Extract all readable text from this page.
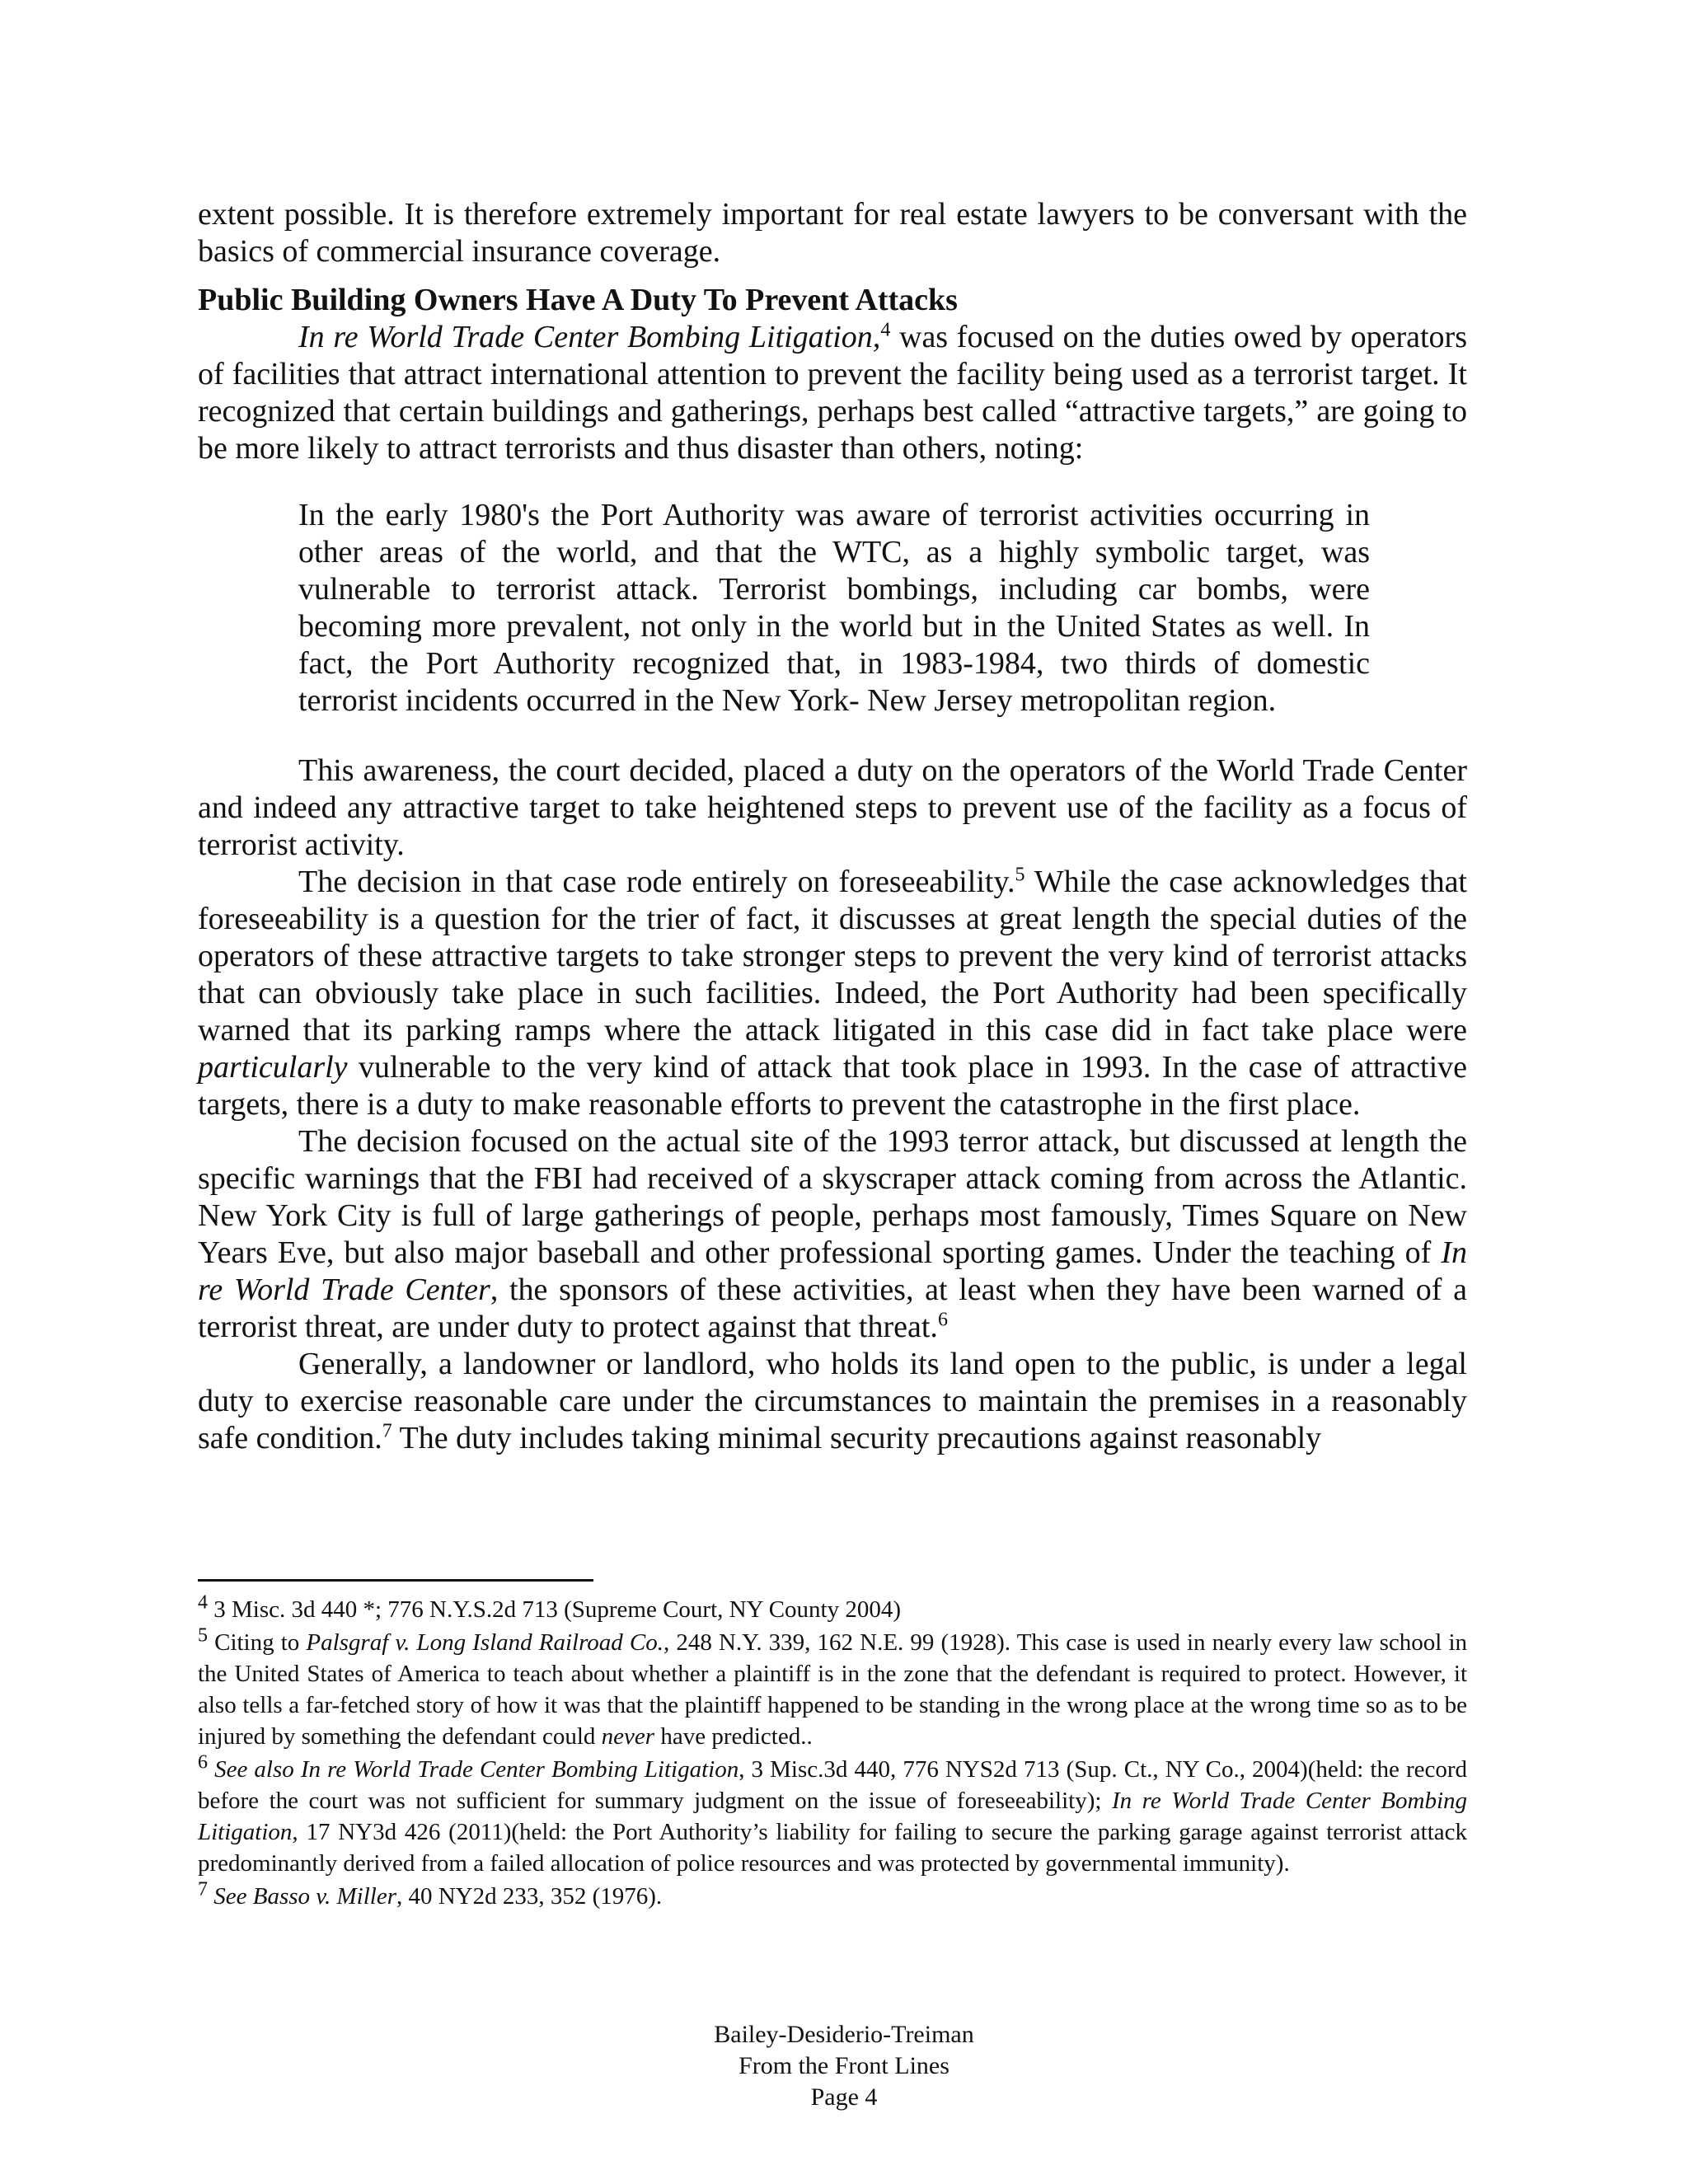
extent possible. It is therefore extremely important for real estate lawyers to be conversant with the basics of commercial insurance coverage.

Public Building Owners Have A Duty To Prevent Attacks

In re World Trade Center Bombing Litigation,$^4$ was focused on the duties owed by operators of facilities that attract international attention to prevent the facility being used as a terrorist target. It recognized that certain buildings and gatherings, perhaps best called “attractive targets,” are going to be more likely to attract terrorists and thus disaster than others, noting:

In the early 1980's the Port Authority was aware of terrorist activities occurring in other areas of the world, and that the WTC, as a highly symbolic target, was vulnerable to terrorist attack. Terrorist bombings, including car bombs, were becoming more prevalent, not only in the world but in the United States as well. In fact, the Port Authority recognized that, in 1983-1984, two thirds of domestic terrorist incidents occurred in the New York- New Jersey metropolitan region.

This awareness, the court decided, placed a duty on the operators of the World Trade Center and indeed any attractive target to take heightened steps to prevent use of the facility as a focus of terrorist activity.

The decision in that case rode entirely on foreseeability.$^5$ While the case acknowledges that foreseeability is a question for the trier of fact, it discusses at great length the special duties of the operators of these attractive targets to take stronger steps to prevent the very kind of terrorist attacks that can obviously take place in such facilities. Indeed, the Port Authority had been specifically warned that its parking ramps where the attack litigated in this case did in fact take place were particularly vulnerable to the very kind of attack that took place in 1993. In the case of attractive targets, there is a duty to make reasonable efforts to prevent the catastrophe in the first place.

The decision focused on the actual site of the 1993 terror attack, but discussed at length the specific warnings that the FBI had received of a skyscraper attack coming from across the Atlantic. New York City is full of large gatherings of people, perhaps most famously, Times Square on New Years Eve, but also major baseball and other professional sporting games. Under the teaching of In re World Trade Center, the sponsors of these activities, at least when they have been warned of a terrorist threat, are under duty to protect against that threat.$^6$

Generally, a landowner or landlord, who holds its land open to the public, is under a legal duty to exercise reasonable care under the circumstances to maintain the premises in a reasonably safe condition.$^7$ The duty includes taking minimal security precautions against reasonably

$^4$ 3 Misc. 3d 440 *; 776 N.Y.S.2d 713 (Supreme Court, NY County 2004)

$^5$ Citing to Palsgraf v. Long Island Railroad Co., 248 N.Y. 339, 162 N.E. 99 (1928). This case is used in nearly every law school in the United States of America to teach about whether a plaintiff is in the zone that the defendant is required to protect. However, it also tells a far-fetched story of how it was that the plaintiff happened to be standing in the wrong place at the wrong time so as to be injured by something the defendant could never have predicted..

$^6$ See also In re World Trade Center Bombing Litigation, 3 Misc.3d 440, 776 NYS2d 713 (Sup. Ct., NY Co., 2004)(held: the record before the court was not sufficient for summary judgment on the issue of foreseeability); In re World Trade Center Bombing Litigation, 17 NY3d 426 (2011)(held: the Port Authority’s liability for failing to secure the parking garage against terrorist attack predominantly derived from a failed allocation of police resources and was protected by governmental immunity).

$^7$ See Basso v. Miller, 40 NY2d 233, 352 (1976).

Bailey-Desiderio-Treiman
From the Front Lines
Page 4
